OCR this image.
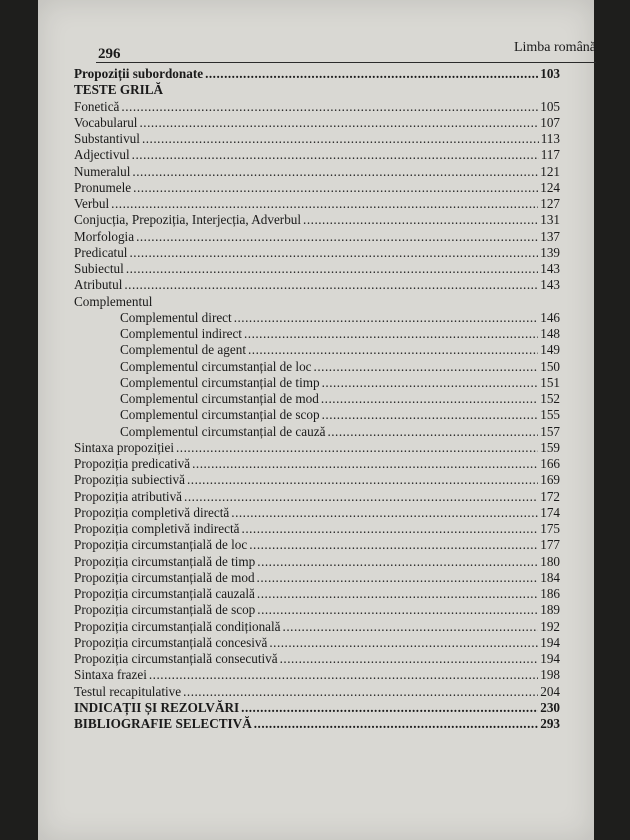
296	Limba română
Propoziții subordonate .....	103
TESTE GRILĂ
Fonetică .....	105
Vocabularul .....	107
Substantivul .....	113
Adjectivul .....	117
Numeralul .....	121
Pronumele .....	124
Verbul .....	127
Conjucția, Prepoziția, Interjecția, Adverbul .....	131
Morfologia .....	137
Predicatul .....	139
Subiectul .....	143
Atributul .....	143
Complementul
Complementul direct .....	146
Complementul indirect .....	148
Complementul de agent .....	149
Complementul circumstanțial de loc .....	150
Complementul circumstanțial de timp .....	151
Complementul circumstanțial de mod .....	152
Complementul circumstanțial de scop .....	155
Complementul circumstanțial de cauză .....	157
Sintaxa propoziției .....	159
Propoziția predicativă .....	166
Propoziția subiectivă .....	169
Propoziția atributivă .....	172
Propoziția completivă directă .....	174
Propoziția completivă indirectă .....	175
Propoziția circumstanțială de loc .....	177
Propoziția circumstanțială de timp .....	180
Propoziția circumstanțială de mod .....	184
Propoziția circumstanțială cauzală .....	186
Propoziția circumstanțială de scop .....	189
Propoziția circumstanțială condițională .....	192
Propoziția circumstanțială concesivă .....	194
Propoziția circumstanțială consecutivă .....	194
Sintaxa frazei .....	198
Testul recapitulative .....	204
INDICAȚII ȘI REZOLVĂRI .....	230
BIBLIOGRAFIE SELECTIVĂ .....	293
